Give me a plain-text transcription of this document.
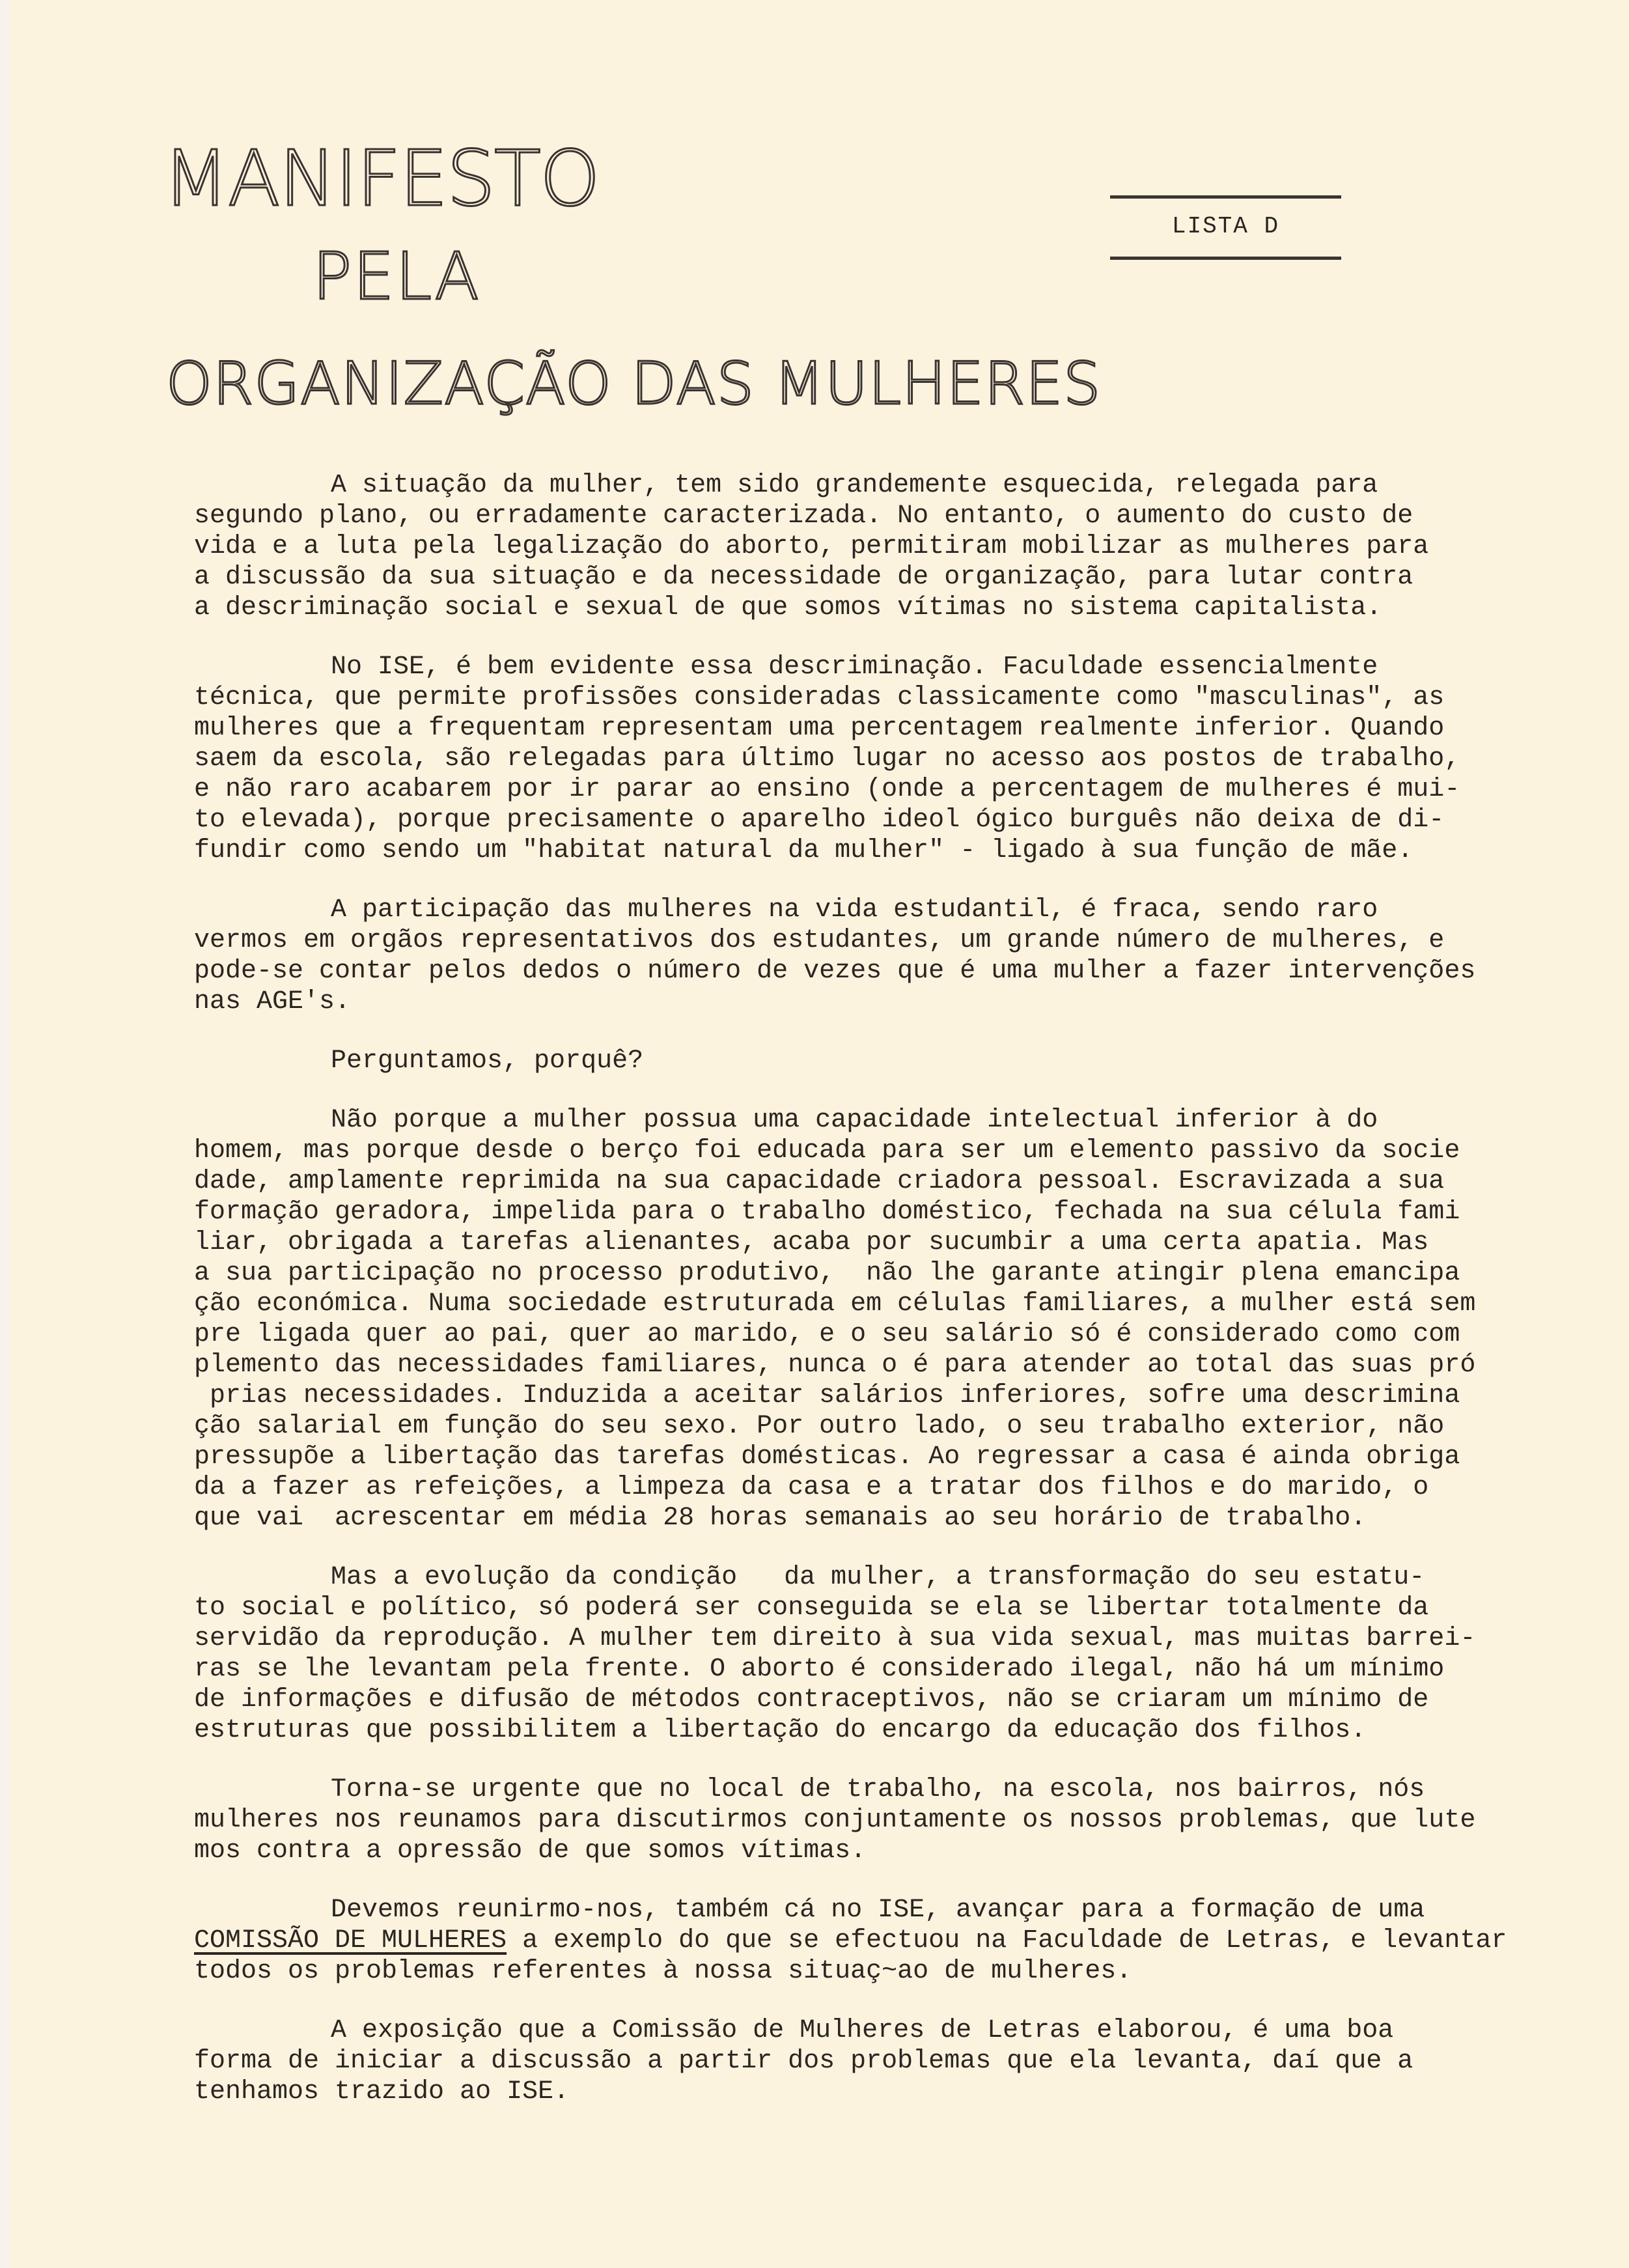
MANIFESTO
PELA
ORGANIZAÇÃO DAS MULHERES
LISTA D
A situação da mulher, tem sido grandemente esquecida, relegada para
segundo plano, ou erradamente caracterizada. No entanto, o aumento do custo de
vida e a luta pela legalização do aborto, permitiram mobilizar as mulheres para
a discussão da sua situação e da necessidade de organização, para lutar contra
a descriminação social e sexual de que somos vítimas no sistema capitalista.
No ISE, é bem evidente essa descriminação. Faculdade essencialmente
técnica, que permite profissões consideradas classicamente como "masculinas", as
mulheres que a frequentam representam uma percentagem realmente inferior. Quando
saem da escola, são relegadas para último lugar no acesso aos postos de trabalho,
e não raro acabarem por ir parar ao ensino (onde a percentagem de mulheres é mui-
to elevada), porque precisamente o aparelho ideol ógico burguês não deixa de di-
fundir como sendo um "habitat natural da mulher" - ligado à sua função de mãe.
A participação das mulheres na vida estudantil, é fraca, sendo raro
vermos em orgãos representativos dos estudantes, um grande número de mulheres, e
pode-se contar pelos dedos o número de vezes que é uma mulher a fazer intervenções
nas AGE's.
Perguntamos, porquê?
Não porque a mulher possua uma capacidade intelectual inferior à do
homem, mas porque desde o berço foi educada para ser um elemento passivo da socie
dade, amplamente reprimida na sua capacidade criadora pessoal. Escravizada a sua
formação geradora, impelida para o trabalho doméstico, fechada na sua célula fami
liar, obrigada a tarefas alienantes, acaba por sucumbir a uma certa apatia. Mas
a sua participação no processo produtivo,  não lhe garante atingir plena emancipa
ção económica. Numa sociedade estruturada em células familiares, a mulher está sem
pre ligada quer ao pai, quer ao marido, e o seu salário só é considerado como com
plemento das necessidades familiares, nunca o é para atender ao total das suas pró
prias necessidades. Induzida a aceitar salários inferiores, sofre uma descrimina
ção salarial em função do seu sexo. Por outro lado, o seu trabalho exterior, não
pressupõe a libertação das tarefas domésticas. Ao regressar a casa é ainda obriga
da a fazer as refeições, a limpeza da casa e a tratar dos filhos e do marido, o
que vai  acrescentar em média 28 horas semanais ao seu horário de trabalho.
Mas a evolução da condição   da mulher, a transformação do seu estatu-
to social e político, só poderá ser conseguida se ela se libertar totalmente da
servidão da reprodução. A mulher tem direito à sua vida sexual, mas muitas barrei-
ras se lhe levantam pela frente. O aborto é considerado ilegal, não há um mínimo
de informações e difusão de métodos contraceptivos, não se criaram um mínimo de
estruturas que possibilitem a libertação do encargo da educação dos filhos.
Torna-se urgente que no local de trabalho, na escola, nos bairros, nós
mulheres nos reunamos para discutirmos conjuntamente os nossos problemas, que lute
mos contra a opressão de que somos vítimas.
Devemos reunirmo-nos, também cá no ISE, avançar para a formação de uma
COMISSÃO DE MULHERES a exemplo do que se efectuou na Faculdade de Letras, e levantar
todos os problemas referentes à nossa situaç~ao de mulheres.
A exposição que a Comissão de Mulheres de Letras elaborou, é uma boa
forma de iniciar a discussão a partir dos problemas que ela levanta, daí que a
tenhamos trazido ao ISE.
